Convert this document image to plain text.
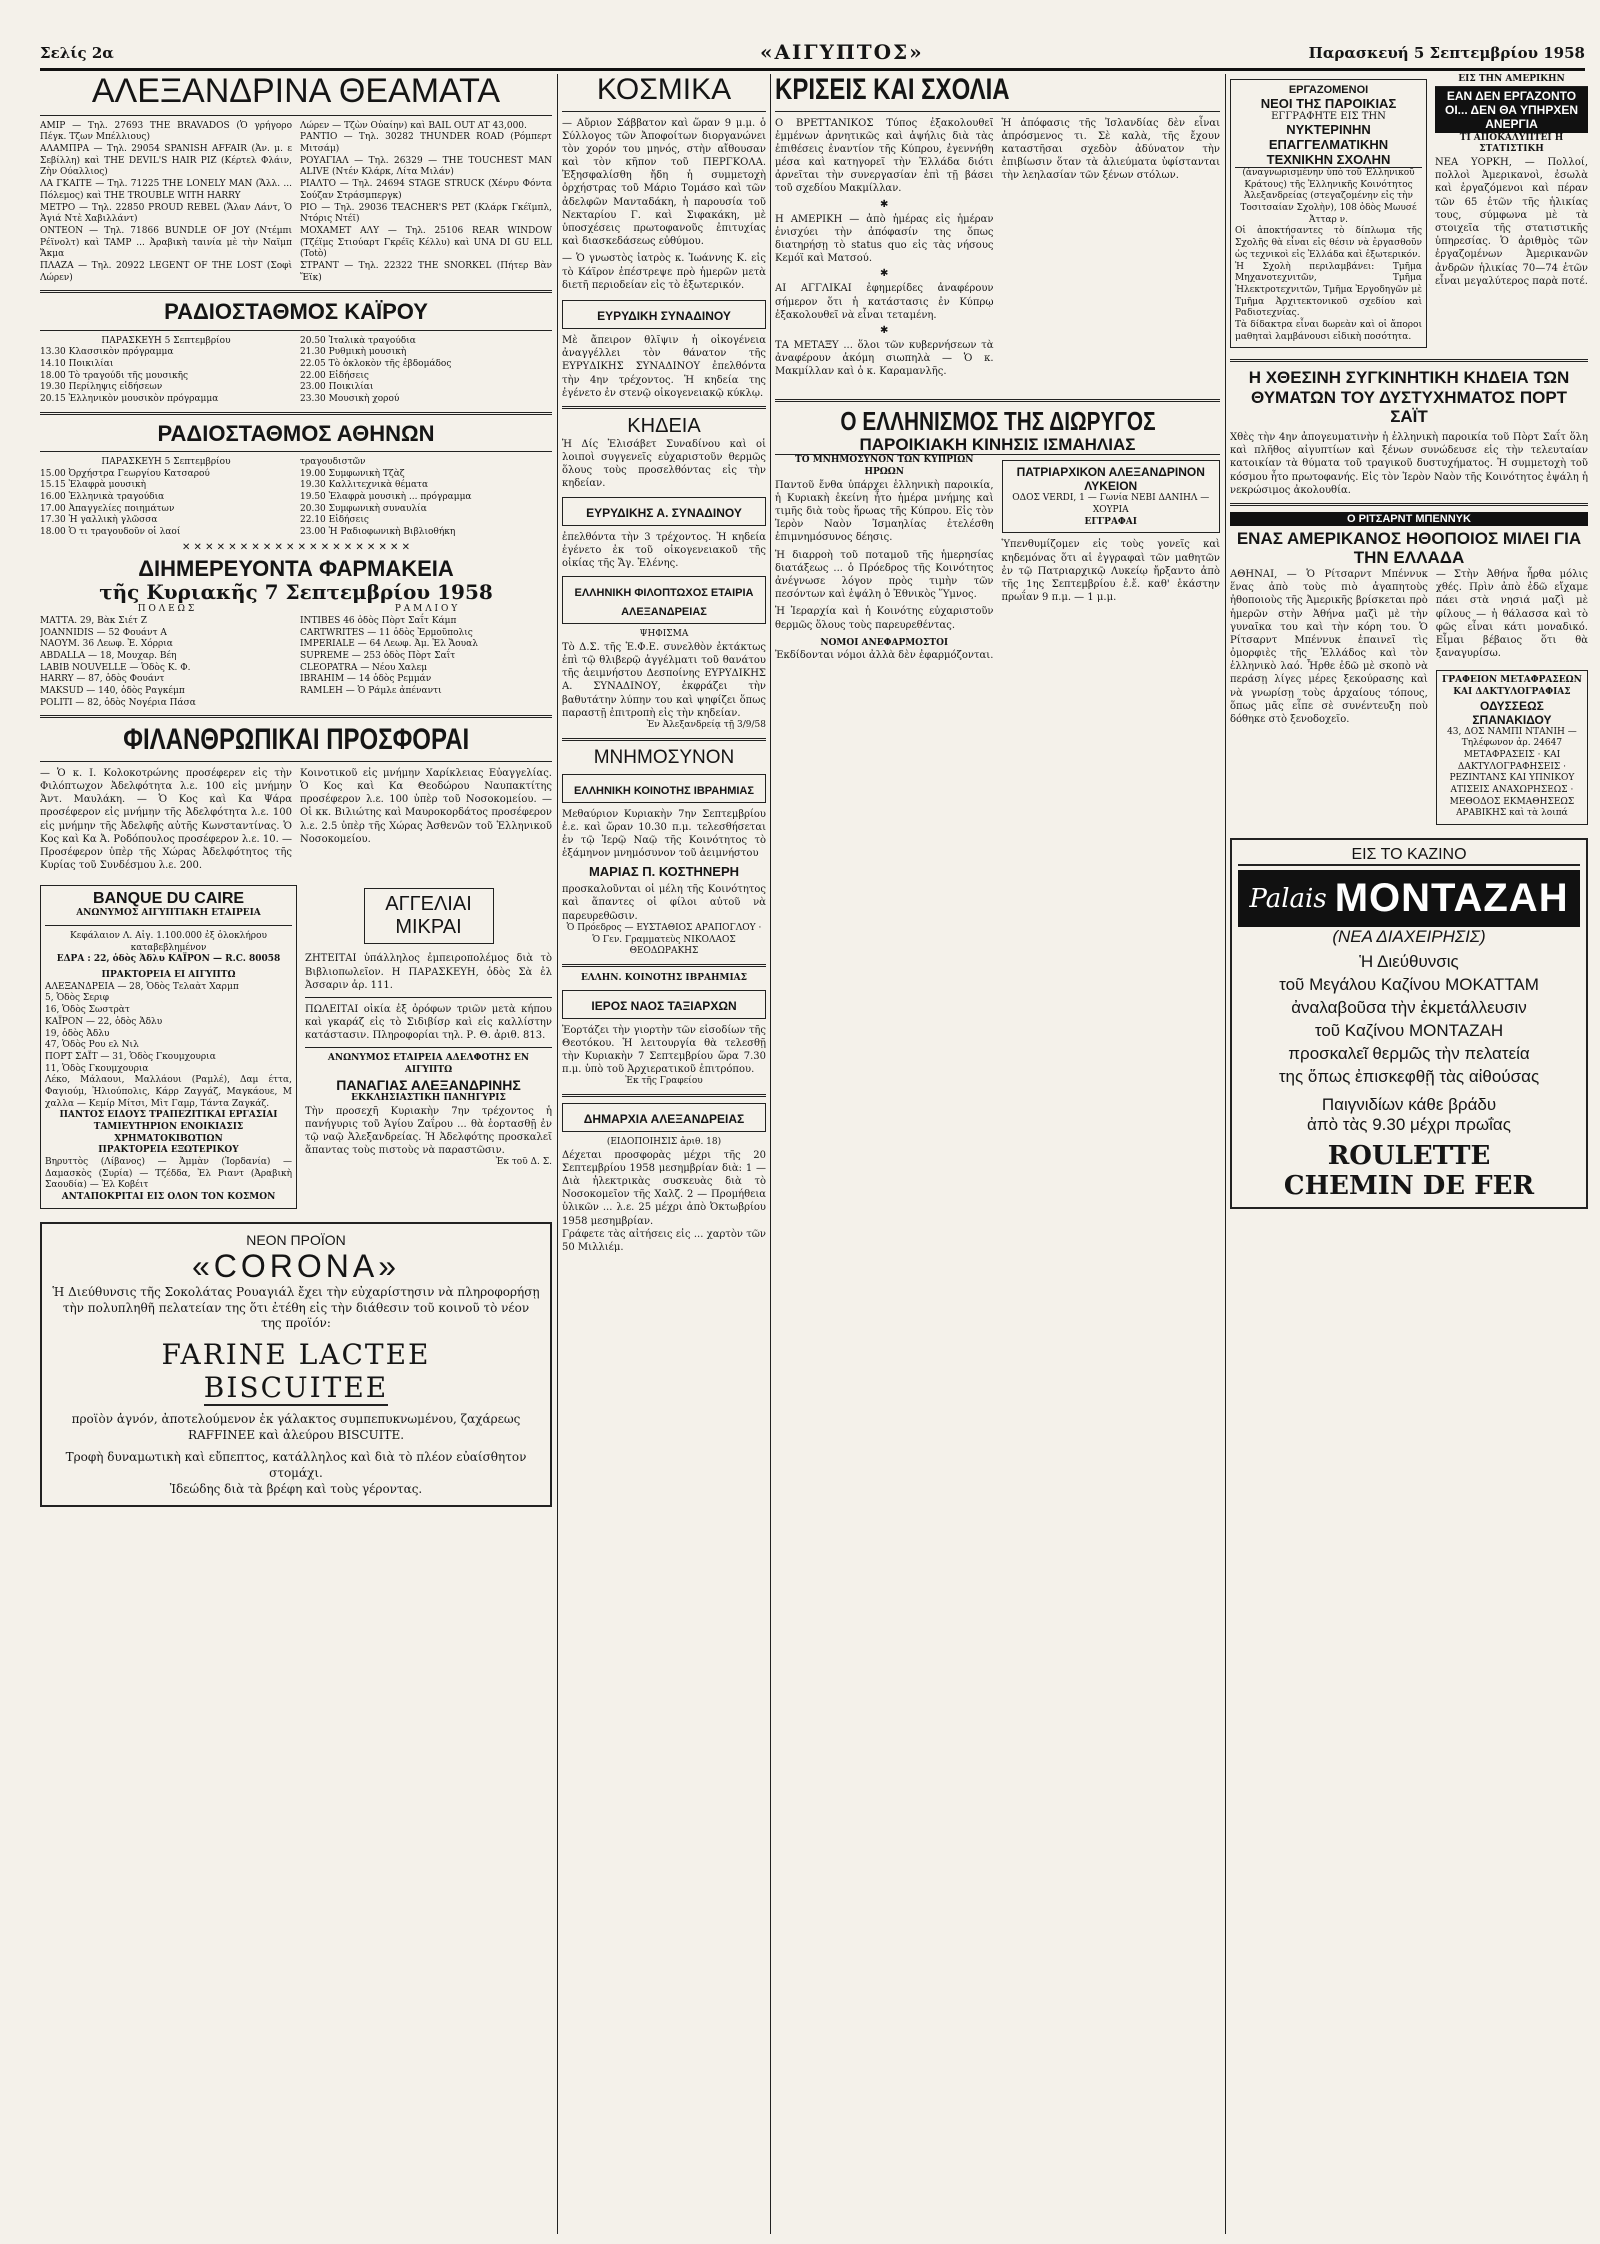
Σελίς 2α	«ΑΙΓΥΠΤΟΣ»	Παρασκευή 5 Σεπτεμβρίου 1958
ΑΛΕΞΑΝΔΡΙΝΑ ΘΕΑΜΑΤΑ

ΑΜΙΡ — Τηλ. 27693 THE BRAVADOS (Ὁ γρήγορο Πέγκ. Τζων Μπέλλιους)

ΑΛΑΜΠΡΑ — Τηλ. 29054 SPANISH AFFAIR (Ἀν. μ. ε Σεβίλλη) καὶ THE DEVIL'S HAIR PIZ (Κέρτελ Φλάιν, Ζὴν Ούαλλιος)

ΛΑ ΓΚΑΙΤΕ — Τηλ. 71225 THE LONELY MAN (Ἄλλ. ... Πόλεμος) καὶ THE TROUBLE WITH HARRY

ΜΕΤΡΟ — Τηλ. 22850 PROUD REBEL (Ἄλαν Λάντ, Ὁ Ἁγιά Ντὲ Χαβιλλάντ)

ΟΝΤΕΟΝ — Τηλ. 71866 BUNDLE OF JOY (Ντέμπι Ρέϊνολτ) καὶ TAMP ... Ἀραβικὴ ταινία μὲ τὴν Ναϊμπ Ἄκμα

ΠΛΑΖΑ — Τηλ. 20922 LEGENT OF THE LOST (Σοφὶ Λώρεν)

Λώρεν — Τζὼν Οὐαίην) καὶ BAIL OUT AT 43,000.

ΡΑΝΤΙΟ — Τηλ. 30282 THUNDER ROAD (Ρόμπερτ Μιτσάμ)

ΡΟΥΑΓΙΑΛ — Τηλ. 26329 — THE TOUCHEST MAN ALIVE (Ντέν Κλάρκ, Λίτα Μιλάν)

ΡΙΑΛΤΟ — Τηλ. 24694 STAGE STRUCK (Χένρυ Φόντα Σούζαν Στράσμπεργκ)

ΡΙΟ — Τηλ. 29036 TEACHER'S PET (Κλάρκ Γκέϊμπλ, Ντόρις Ντέϊ)

ΜΟΧΑΜΕΤ ΑΛΥ — Τηλ. 25106 REAR WINDOW (Τζέϊμς Στιούαρτ Γκρέϊς Κέλλυ) καὶ UNA DI GU ELL (Totò)

ΣΤΡΑΝΤ — Τηλ. 22322 THE SNORKEL (Πήτερ Βὰν Ἔϊκ)

ΡΑΔΙΟΣΤΑΘΜΟΣ ΚΑΪΡΟΥ

ΠΑΡΑΣΚΕΥΗ 5 Σεπτεμβρίου

13.30 Κλασσικὸν πρόγραμμα

14.10 Ποικιλίαι

18.00 Τὸ τραγούδι τῆς μουσικῆς

19.30 Περίληψις εἰδήσεων

20.15 Ἑλληνικὸν μουσικὸν πρόγραμμα

20.50 Ἰταλικὰ τραγούδια

21.30 Ρυθμικὴ μουσικὴ

22.05 Τὸ ὁκλοκὸν τῆς ἐβδομάδος

22.00 Εἰδήσεις

23.00 Ποικιλίαι

23.30 Μουσικὴ χορού

ΡΑΔΙΟΣΤΑΘΜΟΣ ΑΘΗΝΩΝ

ΠΑΡΑΣΚΕΥΗ 5 Σεπτεμβρίου

15.00 Ὀρχήστρα Γεωργίου Κατσαρού

15.15 Ἐλαφρὰ μουσικὴ

16.00 Ἑλληνικὰ τραγούδια

17.00 Ἀπαγγελίες ποιημάτων

17.30 Ἡ γαλλικὴ γλῶσσα

18.00 Ὁ τι τραγουδοῦν οἱ λαοί

τραγουδιστῶν

19.00 Συμφωνικὴ Τζὰζ

19.30 Καλλιτεχνικὰ θέματα

19.50 Ἐλαφρὰ μουσικὴ ... πρόγραμμα

20.30 Συμφωνικὴ συναυλία

22.10 Εἰδήσεις

23.00 Ἡ Ραδιοφωνικὴ Βιβλιοθήκη

✕ ✕ ✕ ✕ ✕ ✕ ✕ ✕ ✕ ✕ ✕ ✕ ✕ ✕ ✕ ✕ ✕ ✕ ✕ ✕
ΔΙΗΜΕΡΕΥΟΝΤΑ ΦΑΡΜΑΚΕΙΑ
τῆς Κυριακῆς 7 Σεπτεμβρίου 1958

Π Ο Λ Ε Ω Σ

ΜΑΤΤΑ. 29, Βὰκ Σιέτ Ζ

JOANNIDIS — 52 Φουάντ Α

ΝΑΟΥΜ. 36 Λεωφ. Ἐ. Χόρρια

ABDALLA — 18, Μουχαρ. Βέη

LABIB NOUVELLE — Ὁδὸς Κ. Φ.

HARRY — 87, ὁδὸς Φουάντ

MAKSUD — 140, ὁδὸς Ραγκέμπ

POLITI — 82, ὁδὸς Νογέρια Πάσα

Ρ Α Μ Λ Ι Ο Υ

INTIBES 46 ὁδὸς Πὸρτ Σαΐτ Κάμπ

CARTWRITES — 11 ὁδὸς Ἐρμοῦπολις

IMPERIALE — 64 Λεωφ. Ἀμ. Ἐλ Ἄουαλ

SUPREME — 253 ὁδὸς Πὸρτ Σαΐτ

CLEOPATRA — Νέου Χαλεμ

IBRAHIM — 14 ὁδὸς Ρεμμάν

RAMLEH — Ὁ Ράμλε ἀπέναντι

ΦΙΛΑΝΘΡΩΠΙΚΑΙ ΠΡΟΣΦΟΡΑΙ

— Ὁ κ. Ι. Κολοκοτρώνης προσέφερεν εἰς τὴν Φιλόπτωχον Ἀδελφότητα λ.ε. 100 εἰς μνήμην Ἀντ. Μαυλάκη. — Ὁ Κος καὶ Κα Ψάρα προσέφερον εἰς μνήμην τῆς Ἀδελφότητα λ.ε. 100 εἰς μνήμην τῆς Ἀδελφῆς αὐτῆς Κωνσταντίνας. Ὁ Κος καὶ Κα Ἀ. Ροδόπουλος προσέφερον λ.ε. 10. — Προσέφερον ὑπὲρ τῆς Χώρας Ἀδελφότητος τῆς Κυρίας τοῦ Συνδέσμου λ.ε. 200.

Κοινοτικοῦ εἰς μνήμην Χαρίκλειας Εὐαγγελίας. Ὁ Κος καὶ Κα Θεοδώρου Ναυπακτίτης προσέφερον λ.ε. 100 ὑπὲρ τοῦ Νοσοκομείου. — Οἱ κκ. Βιλιώτης καὶ Μαυροκορδάτος προσέφερον λ.ε. 2.5 ὑπὲρ τῆς Χώρας Ἀσθενῶν τοῦ Ἑλληνικοῦ Νοσοκομείου.

BANQUE DU CAIRE

ΑΝΩΝΥΜΟΣ ΑΙΓΥΠΤΙΑΚΗ ΕΤΑΙΡΕΙΑ

Κεφάλαιον Λ. Αἰγ. 1.100.000 ἐξ ὁλοκλήρου καταβεβλημένον

ΕΔΡΑ : 22, ὁδὸς Ἀδλυ ΚΑΪΡΟΝ — R.C. 80058

ΠΡΑΚΤΟΡΕΙΑ ΕΙ ΑΙΓΥΠΤΩ

ΑΛΕΞΑΝΔΡΕΙΑ — 28, Ὁδὸς Τελαὰτ Χαρμπ

5, Ὁδὸς Σεριφ

16, Ὁδὸς Σωστρὰτ

ΚΑΪΡΟΝ — 22, ὁδὸς Ἀδλυ

19, ὁδὸς Ἀδλυ

47, Ὁδὸς Ρου ελ Νιλ

ΠΟΡΤ ΣΑΪΤ — 31, Ὁδὸς Γκουμχουρια

11, Ὁδὸς Γκουμχουρια

Λέκο, Μάλαουι, Μαλλάουι (Ραμλέ), Δαμ έττα, Φαγιούμ, Ἠλιούπολις, Κάρρ Ζαγγάζ, Μαγκάουε, Μ χαλλα — Κεμίρ Μίτσι, Μὶτ Γαμρ, Τάντα Ζαγκάζ.

ΠΑΝΤΟΣ ΕΙΔΟΥΣ ΤΡΑΠΕΖΙΤΙΚΑΙ ΕΡΓΑΣΙΑΙ

ΤΑΜΙΕΥΤΗΡΙΟΝ ΕΝΟΙΚΙΑΣΙΣ ΧΡΗΜΑΤΟΚΙΒΩΤΙΩΝ

ΠΡΑΚΤΟΡΕΙΑ ΕΞΩΤΕΡΙΚΟΥ

Βηρυττὸς (Λίβανος) — Ἀμμὰν (Ἰορδανία) — Δαμασκὸς (Συρία) — Τζέδδα, Ἐλ Ριαντ (Ἀραβικὴ Σαουδία) — Ἐλ Κοβέιτ

ΑΝΤΑΠΟΚΡΙΤΑΙ ΕΙΣ ΟΛΟΝ ΤΟΝ ΚΟΣΜΟΝ

ΑΓΓΕΛΙΑΙ ΜΙΚΡΑΙ

ΖΗΤΕΙΤΑΙ ὑπάλληλος ἐμπειροπολέμος διὰ τὸ Βιβλιοπωλεῖον. Η ΠΑΡΑΣΚΕΥΗ, ὁδὸς Σὰ ἐλ Ἀσσαριν ἀρ. 111.

ΠΩΛΕΙΤΑΙ οἰκία ἐξ ὀρόφων τριῶν μετὰ κήπου καὶ γκαράζ εἰς τὸ Σιδιβίσρ καὶ εἰς καλλίστην κατάστασιν. Πληροφορίαι τηλ. Ρ. Θ. ἀριθ. 813.

ΑΝΩΝΥΜΟΣ ΕΤΑΙΡΕΙΑ ΑΔΕΛΦΟΤΗΣ ΕΝ ΑΙΓΥΠΤΩ

ΠΑΝΑΓΙΑΣ ΑΛΕΞΑΝΔΡΙΝΗΣ

ΕΚΚΛΗΣΙΑΣΤΙΚΗ ΠΑΝΗΓΥΡΙΣ

Τὴν προσεχῆ Κυριακὴν 7ην τρέχοντος ἡ πανήγυρις τοῦ Ἁγίου Ζαΐρου ... θὰ ἑορτασθῇ ἐν τῷ ναῷ Ἀλεξανδρείας. Ἡ Ἀδελφότης προσκαλεῖ ἅπαντας τοὺς πιστοὺς νὰ παραστῶσιν.

Ἐκ τοῦ Δ. Σ.

ΝΕΟΝ ΠΡΟΪΟΝ
«CORONA»

Ἡ Διεύθυνσις τῆς Σοκολάτας Ρουαγιάλ ἔχει τὴν εὐχαρίστησιν νὰ πληροφορήσῃ τὴν πολυπληθῆ πελατείαν της ὅτι ἐτέθη εἰς τὴν διάθεσιν τοῦ κοινοῦ τὸ νέον της προϊόν:

FARINE LACTEE
BISCUITEE

προϊὸν ἁγνόν, ἀποτελούμενον ἐκ γάλακτος συμπεπυκνωμένου, ζαχάρεως RAFFINEE καὶ ἀλεύρου BISCUITE.

Τροφὴ δυναμωτικὴ καὶ εὔπεπτος, κατάλληλος καὶ διὰ τὸ πλέον εὐαίσθητον στομάχι.

Ἰδεώδης διὰ τὰ βρέφη καὶ τοὺς γέροντας.

ΚΟΣΜΙΚΑ

— Αὔριον Σάββατον καὶ ὥραν 9 μ.μ. ὁ Σύλλογος τῶν Ἀποφοίτων διοργανώνει τὸν χορόν του μηνός, στὴν αἴθουσαν καὶ τὸν κῆπον τοῦ ΠΕΡΓΚΟΛΑ. Ἐξησφαλίσθη ἤδη ἡ συμμετοχὴ ὀρχήστρας τοῦ Μάριο Τομάσο καὶ τῶν ἀδελφῶν Μανταδάκη, ἡ παρουσία τοῦ Νεκταρίου Γ. καὶ Σιφακάκη, μὲ ὑποσχέσεις πρωτοφανοῦς ἐπιτυχίας καὶ διασκεδάσεως εὐθύμου.

— Ὁ γνωστὸς ἰατρὸς κ. Ἰωάννης Κ. εἰς τὸ Κάϊρον ἐπέστρεψε πρὸ ἡμερῶν μετὰ διετῆ περιοδείαν εἰς τὸ ἐξωτερικόν.

ΕΥΡΥΔΙΚΗ ΣΥΝΑΔΙΝΟΥ

Μὲ ἄπειρον θλῖψιν ἡ οἰκογένεια ἀναγγέλλει τὸν θάνατον τῆς ΕΥΡΥΔΙΚΗΣ ΣΥΝΑΔΙΝΟΥ ἐπελθόντα τὴν 4ην τρέχοντος. Ἡ κηδεία της ἐγένετο ἐν στενῷ οἰκογενειακῷ κύκλῳ.

ΚΗΔΕΙΑ

Ἡ Δίς Ἐλισάβετ Συναδίνου καὶ οἱ λοιποὶ συγγενεῖς εὐχαριστοῦν θερμῶς ὅλους τοὺς προσελθόντας εἰς τὴν κηδείαν.

ΕΥΡΥΔΙΚΗΣ Α. ΣΥΝΑΔΙΝΟΥ

ἐπελθόντα τὴν 3 τρέχοντος. Ἡ κηδεία ἐγένετο ἐκ τοῦ οἰκογενειακοῦ τῆς οἰκίας τῆς Ἄγ. Ἑλένης.

ΕΛΛΗΝΙΚΗ ΦΙΛΟΠΤΩΧΟΣ ΕΤΑΙΡΙΑ ΑΛΕΞΑΝΔΡΕΙΑΣ

ΨΗΦΙΣΜΑ

Τὸ Δ.Σ. τῆς Ἑ.Φ.Ε. συνελθὸν ἐκτάκτως ἐπὶ τῷ θλιβερῷ ἀγγέλματι τοῦ θανάτου τῆς ἀειμνήστου Δεσποίνης ΕΥΡΥΔΙΚΗΣ Α. ΣΥΝΑΔΙΝΟΥ, ἐκφράζει τὴν βαθυτάτην λύπην του καὶ ψηφίζει ὅπως παραστῇ ἐπιτροπὴ εἰς τὴν κηδείαν.

Ἐν Ἀλεξανδρείᾳ τῇ 3/9/58

ΜΝΗΜΟΣΥΝΟΝ
ΕΛΛΗΝΙΚΗ ΚΟΙΝΟΤΗΣ ΙΒΡΑΗΜΙΑΣ

Μεθαύριον Κυριακὴν 7ην Σεπτεμβρίου ἐ.ε. καὶ ὥραν 10.30 π.μ. τελεσθήσεται ἐν τῷ Ἱερῷ Ναῷ τῆς Κοινότητος τὸ ἑξάμηνον μνημόσυνον τοῦ ἀειμνήστου

ΜΑΡΙΑΣ Π. ΚΟΣΤΗΝΕΡΗ

προσκαλοῦνται οἱ μέλη τῆς Κοινότητος καὶ ἅπαντες οἱ φίλοι αὐτοῦ νὰ παρευρεθῶσιν.

Ὁ Πρόεδρος — ΕΥΣΤΑΘΙΟΣ ΑΡΑΠΟΓΛΟΥ · Ὁ Γεν. Γραμματεὺς ΝΙΚΟΛΑΟΣ ΘΕΟΔΩΡΑΚΗΣ

ΕΛΛΗΝ. ΚΟΙΝΟΤΗΣ ΙΒΡΑΗΜΙΑΣ

ΙΕΡΟΣ ΝΑΟΣ ΤΑΞΙΑΡΧΩΝ

Ἑορτάζει τὴν γιορτὴν τῶν εἰσοδίων τῆς Θεοτόκου. Ἡ λειτουργία θὰ τελεσθῇ τὴν Κυριακὴν 7 Σεπτεμβρίου ὥρα 7.30 π.μ. ὑπὸ τοῦ Ἀρχιερατικοῦ ἐπιτρόπου.

Ἐκ τῆς Γραφείου

ΔΗΜΑΡΧΙΑ ΑΛΕΞΑΝΔΡΕΙΑΣ

(ΕΙΔΟΠΟΙΗΣΙΣ ἀριθ. 18)

Δέχεται προσφορὰς μέχρι τῆς 20 Σεπτεμβρίου 1958 μεσημβρίαν διὰ: 1 — Διὰ ἠλεκτρικὰς συσκευὰς διὰ τὸ Νοσοκομεῖον τῆς Χαλζ. 2 — Προμήθεια ὑλικῶν ... λ.ε. 25 μέχρι ἀπὸ Ὀκτωβρίου 1958 μεσημβρίαν.

Γράφετε τὰς αἰτήσεις εἰς ... χαρτὸν τῶν 50 Μιλλιέμ.

ΚΡΙΣΕΙΣ ΚΑΙ ΣΧΟΛΙΑ

Ο ΒΡΕΤΤΑΝΙΚΟΣ Τύπος ἐξακολουθεῖ ἐμμένων ἀρνητικῶς καὶ ἀψήλις διὰ τὰς ἐπιθέσεις ἐναντίον τῆς Κύπρου, ἐγεννήθη μέσα καὶ κατηγορεῖ τὴν Ἑλλάδα διότι ἀρνεῖται τὴν συνεργασίαν ἐπὶ τῇ βάσει τοῦ σχεδίου Μακμίλλαν.

✱

Η ΑΜΕΡΙΚΗ — ἀπὸ ἡμέρας εἰς ἡμέραν ἐνισχύει τὴν ἀπόφασίν της ὅπως διατηρήσῃ τὸ status quo εἰς τὰς νήσους Κεμόϊ καὶ Ματσού.

✱

ΑΙ ΑΓΓΛΙΚΑΙ ἐφημερίδες ἀναφέρουν σήμερον ὅτι ἡ κατάστασις ἐν Κύπρῳ ἐξακολουθεῖ νὰ εἶναι τεταμένη.

✱

ΤΑ ΜΕΤΑΞΥ ... ὅλοι τῶν κυβερνήσεων τὰ ἀναφέρουν ἀκόμη σιωπηλὰ — Ὁ κ. Μακμίλλαν καὶ ὁ κ. Καραμανλῆς.

Ἡ ἀπόφασις τῆς Ἰσλανδίας δὲν εἶναι ἀπρόσμενος τι. Σὲ καλὰ, τῆς ἔχουν καταστῆσαι σχεδὸν ἀδύνατον τὴν ἐπιβίωσιν ὅταν τὰ ἀλιεύματα ὑφίστανται τὴν λεηλασίαν τῶν ξένων στόλων.

Ο ΕΛΛΗΝΙΣΜΟΣ ΤΗΣ ΔΙΩΡΥΓΟΣ
ΠΑΡΟΙΚΙΑΚΗ ΚΙΝΗΣΙΣ ΙΣΜΑΗΛΙΑΣ

ΤΟ ΜΝΗΜΟΣΥΝΟΝ ΤΩΝ ΚΥΠΡΙΩΝ ΗΡΩΩΝ

Παντοῦ ἔνθα ὑπάρχει ἑλληνικὴ παροικία, ἡ Κυριακὴ ἐκείνη ἦτο ἡμέρα μνήμης καὶ τιμῆς διὰ τοὺς ἥρωας τῆς Κύπρου. Εἰς τὸν Ἱερὸν Ναὸν Ἰσμαηλίας ἐτελέσθη ἐπιμνημόσυνος δέησις.

Ἡ διαρροὴ τοῦ ποταμοῦ τῆς ἡμερησίας διατάξεως ... ὁ Πρόεδρος τῆς Κοινότητος ἀνέγνωσε λόγον πρὸς τιμὴν τῶν πεσόντων καὶ ἐψάλη ὁ Ἐθνικὸς Ὕμνος.

Ἡ Ἱεραρχία καὶ ἡ Κοινότης εὐχαριστοῦν θερμῶς ὅλους τοὺς παρευρεθέντας.

ΝΟΜΟΙ ΑΝΕΦΑΡΜΟΣΤΟΙ

Ἐκδίδονται νόμοι ἀλλὰ δὲν ἐφαρμόζονται.

ΠΑΤΡΙΑΡΧΙΚΟΝ ΑΛΕΞΑΝΔΡΙΝΟΝ ΛΥΚΕΙΟΝ

ΟΔΟΣ VERDI, 1 — Γωνία ΝΕΒΙ ΔΑΝΙΗΛ — ΧΟΥΡΙΑ

ΕΓΓΡΑΦΑΙ

Ὑπενθυμίζομεν εἰς τοὺς γονεῖς καὶ κηδεμόνας ὅτι αἱ ἐγγραφαὶ τῶν μαθητῶν ἐν τῷ Πατριαρχικῷ Λυκείῳ ἤρξαντο ἀπὸ τῆς 1ης Σεπτεμβρίου ἐ.ἔ. καθ' ἑκάστην πρωΐαν 9 π.μ. — 1 μ.μ.

ΕΡΓΑΖΟΜΕΝΟΙ
ΝΕΟΙ ΤΗΣ ΠΑΡΟΙΚΙΑΣ
ΕΓΓΡΑΦΗΤΕ ΕΙΣ ΤΗΝ
ΝΥΚΤΕΡΙΝΗΝ ΕΠΑΓΓΕΛΜΑΤΙΚΗΝ ΤΕΧΝΙΚΗΝ ΣΧΟΛΗΝ

(ἀναγνωρισμένην ὑπὸ τοῦ Ἑλληνικοῦ Κράτους) τῆς Ἑλληνικῆς Κοινότητος Ἀλεξανδρείας (στεγαζομένην εἰς τὴν Τοσιτσαίαν Σχολὴν), 108 ὁδὸς Μωυσέ Ἀτταρ ν.

Οἱ ἀποκτήσαντες τὸ δίπλωμα τῆς Σχολῆς θὰ εἶναι εἰς θέσιν νὰ ἐργασθοῦν ὡς τεχνικοὶ εἰς Ἐλλάδα καὶ ἐξωτερικόν.

Ἡ Σχολὴ περιλαμβάνει: Τμῆμα Μηχανοτεχνιτῶν, Τμῆμα Ἠλεκτροτεχνιτῶν, Τμῆμα Ἐργοδηγῶν μὲ Τμῆμα Ἀρχιτεκτονικοῦ σχεδίου καὶ Ραδιοτεχνίας.

Τὰ δίδακτρα εἶναι δωρεὰν καὶ οἱ ἄποροι μαθηταὶ λαμβάνουσι εἰδικὴ ποσότητα.

ΕΙΣ ΤΗΝ ΑΜΕΡΙΚΗΝ
ΕΑΝ ΔΕΝ ΕΡΓΑΖΟΝΤΟ ΟΙ... ΔΕΝ ΘΑ ΥΠΗΡΧΕΝ ΑΝΕΡΓΙΑ

ΤΙ ΑΠΟΚΑΛΥΠΤΕΙ Η ΣΤΑΤΙΣΤΙΚΗ

ΝΕΑ ΥΟΡΚΗ, — Πολλοί, πολλοὶ Ἀμερικανοὶ, ἐσωλὰ καὶ ἐργαζόμενοι καὶ πέραν τῶν 65 ἐτῶν τῆς ἡλικίας τους, σύμφωνα μὲ τὰ στοιχεῖα τῆς στατιστικῆς ὑπηρεσίας. Ὁ ἀριθμὸς τῶν ἐργαζομένων Ἀμερικανῶν ἀνδρῶν ἡλικίας 70—74 ἐτῶν εἶναι μεγαλύτερος παρὰ ποτέ.

Η ΧΘΕΣΙΝΗ ΣΥΓΚΙΝΗΤΙΚΗ ΚΗΔΕΙΑ ΤΩΝ ΘΥΜΑΤΩΝ ΤΟΥ ΔΥΣΤΥΧΗΜΑΤΟΣ ΠΟΡΤ ΣΑΪΤ

Χθὲς τὴν 4ην ἀπογευματινὴν ἡ ἑλληνικὴ παροικία τοῦ Πὸρτ Σαΐτ ὅλη καὶ πλῆθος αἰγυπτίων καὶ ξένων συνώδευσε εἰς τὴν τελευταίαν κατοικίαν τὰ θύματα τοῦ τραγικοῦ δυστυχήματος. Ἡ συμμετοχὴ τοῦ κόσμου ἦτο πρωτοφανής. Εἰς τὸν Ἱερὸν Ναὸν τῆς Κοινότητος ἐψάλη ἡ νεκρώσιμος ἀκολουθία.

Ο ΡΙΤΣΑΡΝΤ ΜΠΕΝΝΥΚ
ΕΝΑΣ ΑΜΕΡΙΚΑΝΟΣ ΗΘΟΠΟΙΟΣ ΜΙΛΕΙ ΓΙΑ ΤΗΝ ΕΛΛΑΔΑ

ΑΘΗΝΑΙ, — Ὁ Ρίτσαρντ Μπέννυκ ἕνας ἀπὸ τοὺς πιὸ ἀγαπητοὺς ἠθοποιοὺς τῆς Ἀμερικῆς βρίσκεται πρὸ ἡμερῶν στὴν Ἀθήνα μαζὶ μὲ τὴν γυναῖκα του καὶ τὴν κόρη του. Ὁ Ρίτσαρντ Μπέννυκ ἐπαινεῖ τὶς ὀμορφιὲς τῆς Ἑλλάδος καὶ τὸν ἑλληνικὸ λαό. Ἦρθε ἐδῶ μὲ σκοπὸ νὰ περάσῃ λίγες μέρες ξεκούρασης καὶ νὰ γνωρίσῃ τοὺς ἀρχαίους τόπους, ὅπως μᾶς εἶπε σὲ συνέντευξη ποὺ δόθηκε στὸ ξενοδοχεῖο.

— Στὴν Ἀθήνα ἦρθα μόλις χθές. Πρὶν ἀπὸ ἐδῶ εἴχαμε πάει στὰ νησιά μαζὶ μὲ φίλους — ἡ θάλασσα καὶ τὸ φῶς εἶναι κάτι μοναδικό. Εἶμαι βέβαιος ὅτι θὰ ξαναγυρίσω.

ΓΡΑΦΕΙΟΝ ΜΕΤΑΦΡΑΣΕΩΝ ΚΑΙ ΔΑΚΤΥΛΟΓΡΑΦΙΑΣ

ΟΔΥΣΣΕΩΣ ΣΠΑΝΑΚΙΔΟΥ

43, ΔΟΣ ΝΑΜΠΙ ΝΤΑΝΙΗ — Τηλέφωνον ἀρ. 24647

ΜΕΤΑΦΡΑΣΕΙΣ · ΚΑΙ ΔΑΚΤΥΛΟΓΡΑΦΗΣΕΙΣ · ΡΕΖΙΝΤΑΝΣ ΚΑΙ ΥΠΝΙΚΟΥ ΑΤΙΣΕΙΣ ΑΝΑΧΩΡΗΣΕΩΣ · ΜΕΘΟΔΟΣ ΕΚΜΑΘΗΣΕΩΣ ΑΡΑΒΙΚΗΣ καὶ τὰ λοιπά

ΕΙΣ ΤΟ ΚΑΖΙΝΟ
Palais MONTAZAH
(ΝΕΑ ΔΙΑΧΕΙΡΗΣΙΣ)
Ἡ Διεύθυνσις
τοῦ Μεγάλου Καζίνου ΜΟΚΑΤΤΑΜ
ἀναλαβοῦσα τὴν ἐκμετάλλευσιν
τοῦ Καζίνου ΜΟΝΤΑΖΑΗ
προσκαλεῖ θερμῶς τὴν πελατεία
της ὅπως ἐπισκεφθῇ τὰς αἰθούσας
Παιγνιδίων κάθε βράδυ
ἀπὸ τὰς 9.30 μέχρι πρωΐας
ROULETTE
CHEMIN DE FER
